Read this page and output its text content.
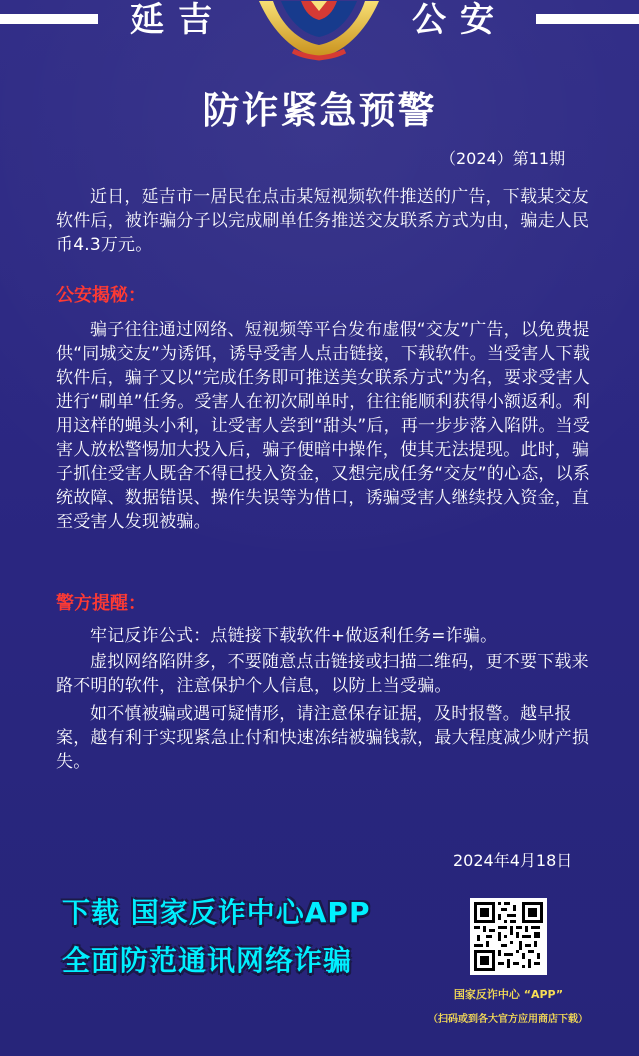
延吉	公安
防诈紧急预警
（2024）第11期

近日，延吉市一居民在点击某短视频软件推送的广告，下载某交友软件后，被诈骗分子以完成刷单任务推送交友联系方式为由，骗走人民币4.3万元。

公安揭秘：

骗子往往通过网络、短视频等平台发布虚假“交友”广告，以免费提供“同城交友”为诱饵，诱导受害人点击链接，下载软件。当受害人下载软件后，骗子又以“完成任务即可推送美女联系方式”为名，要求受害人进行“刷单”任务。受害人在初次刷单时，往往能顺利获得小额返利。利用这样的蝇头小利，让受害人尝到“甜头”后，再一步步落入陷阱。当受害人放松警惕加大投入后，骗子便暗中操作，使其无法提现。此时，骗子抓住受害人既舍不得已投入资金，又想完成任务“交友”的心态，以系统故障、数据错误、操作失误等为借口，诱骗受害人继续投入资金，直至受害人发现被骗。

警方提醒：

牢记反诈公式：点链接下载软件+做返利任务=诈骗。

虚拟网络陷阱多，不要随意点击链接或扫描二维码，更不要下载来路不明的软件，注意保护个人信息，以防上当受骗。

如不慎被骗或遇可疑情形，请注意保存证据，及时报警。越早报案，越有利于实现紧急止付和快速冻结被骗钱款，最大程度减少财产损失。

2024年4月18日
下载 国家反诈中心APP
全面防范通讯网络诈骗
国家反诈中心 “APP”
（扫码或到各大官方应用商店下载）
